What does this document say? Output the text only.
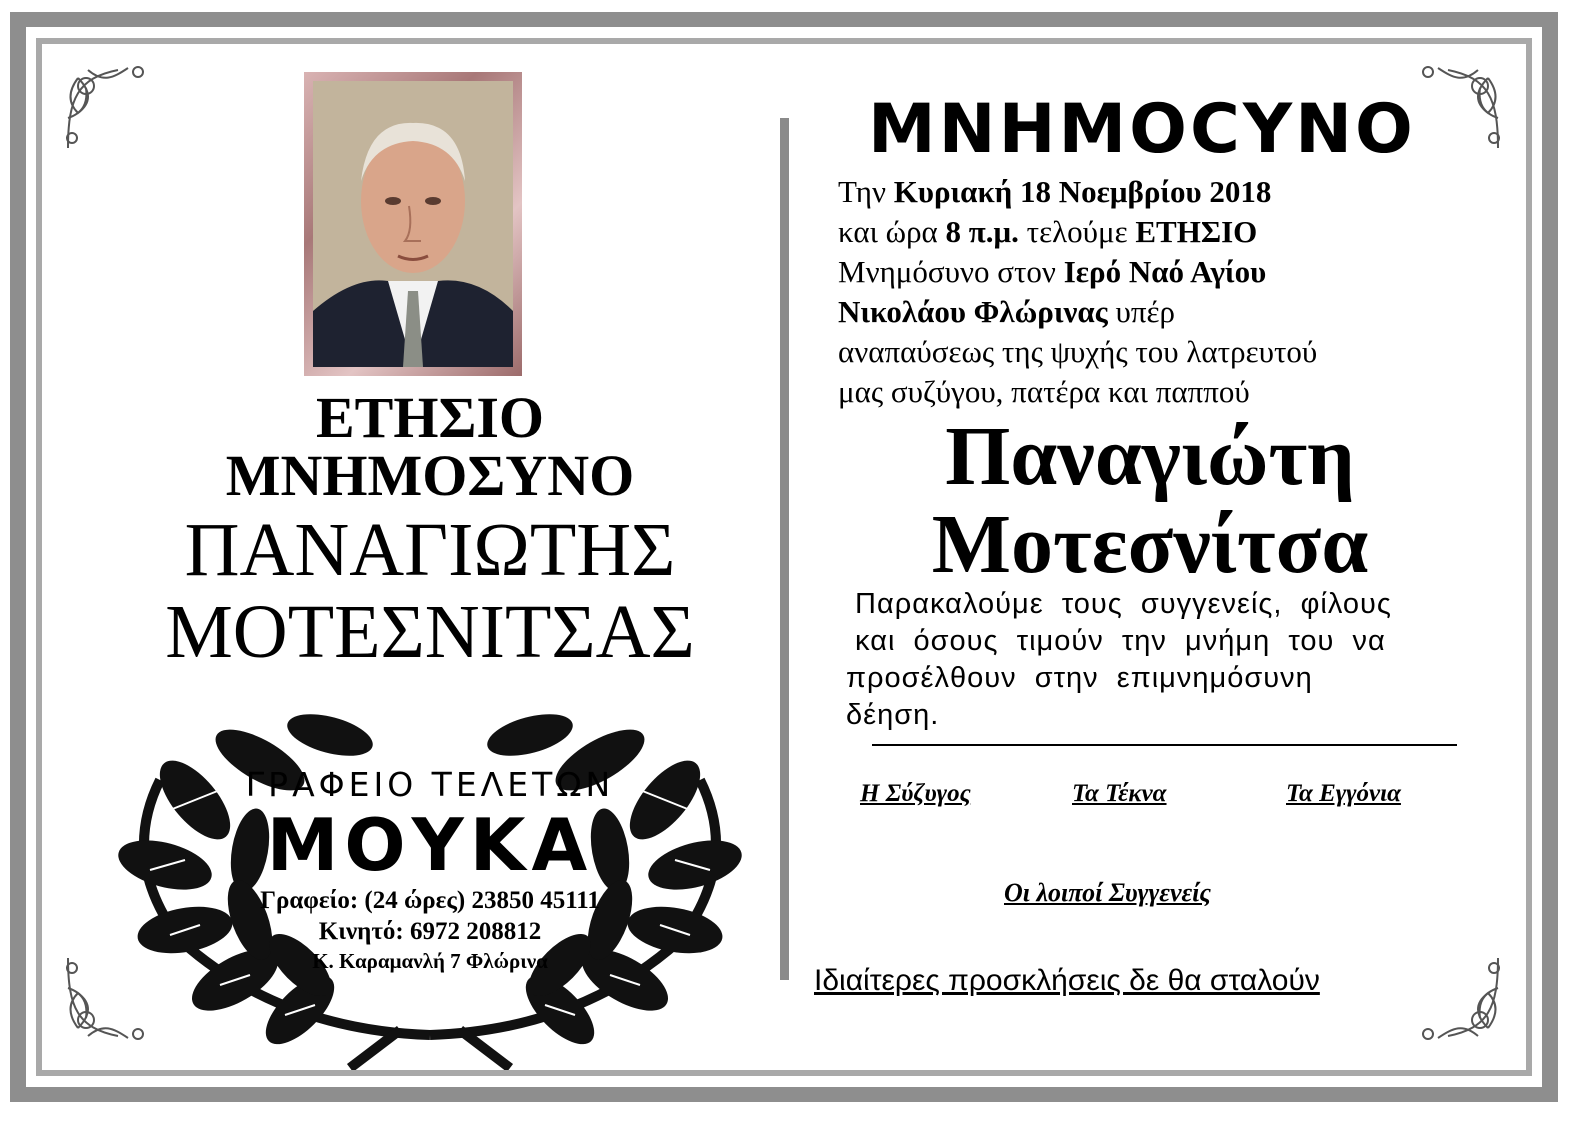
ΕΤΗΣΙΟ
ΜΝΗΜΟΣΥΝΟ
ΠΑΝΑΓΙΩΤΗΣ
ΜΟΤΕΣΝΙΤΣΑΣ
ΓΡΑΦΕΙΟ ΤΕΛΕΤΩΝ
ΜΟΥΚΑ
Γραφείο: (24 ώρες) 23850 45111
Κινητό: 6972 208812
Κ. Καραμανλή 7 Φλώρινα
ΜΝΗΜΟCΥΝΟ
Την Κυριακή 18 Νοεμβρίου 2018
και ώρα 8 π.μ. τελούμε ΕΤΗΣΙΟ
Μνημόσυνο στον Ιερό Ναό Αγίου
Νικολάου Φλώρινας υπέρ
αναπαύσεως της ψυχής του λατρευτού
μας συζύγου, πατέρα και παππού
Παναγιώτη
Μοτεσνίτσα
Παρακαλούμε  τους  συγγενείς,  φίλους
και  όσους  τιμούν  την  μνήμη  του  να
προσέλθουν  στην  επιμνημόσυνη
δέηση.
Η Σύζυγος	Τα Τέκνα	Τα Εγγόνια
Οι λοιποί Συγγενείς
Ιδιαίτερες προσκλήσεις δε θα σταλούν
